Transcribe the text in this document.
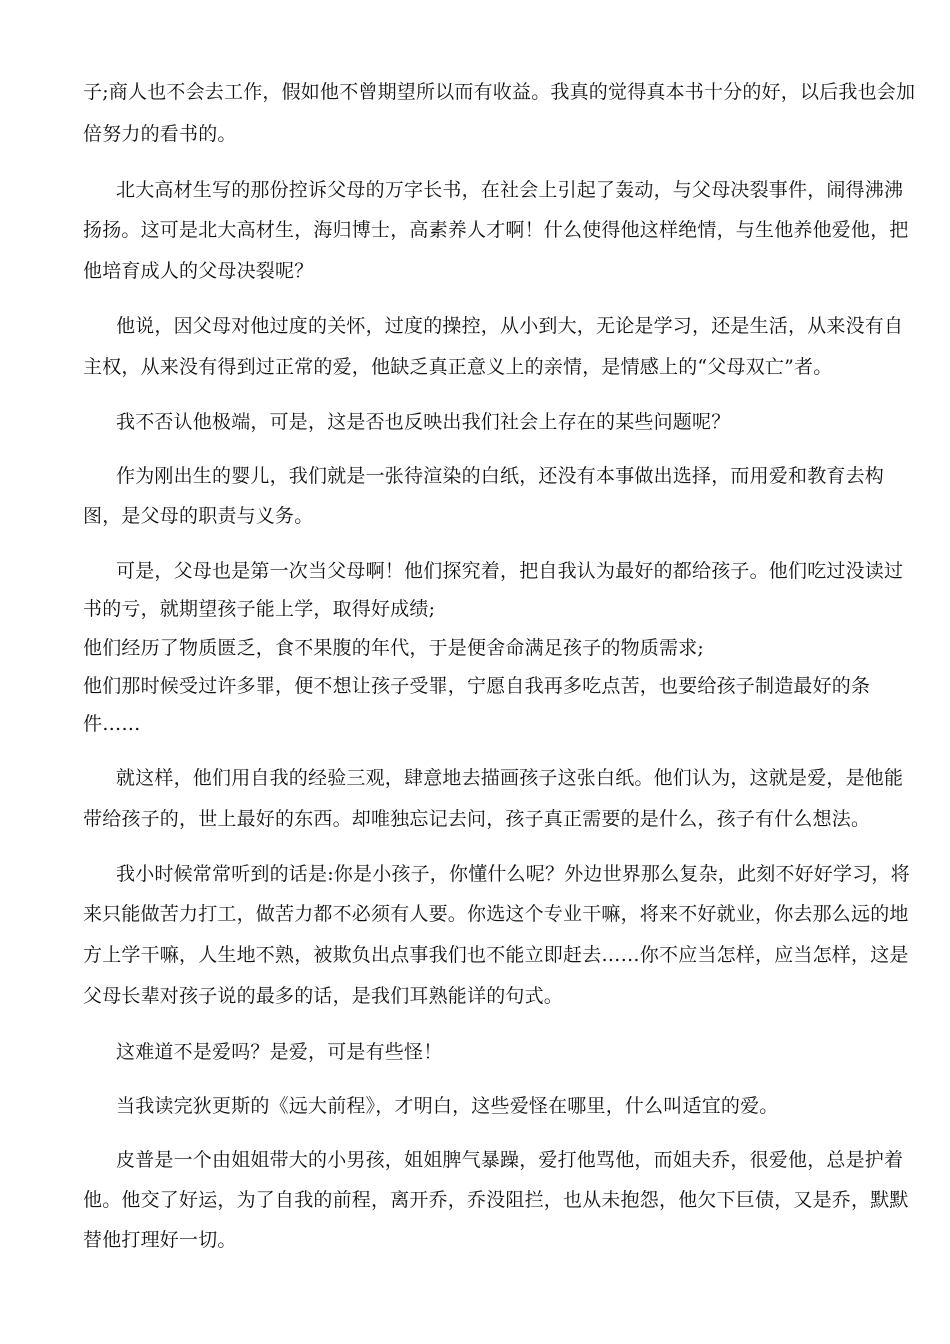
子;商人也不会去工作，假如他不曾期望所以而有收益。我真的觉得真本书十分的好，以后我也会加
倍努力的看书的。
北大高材生写的那份控诉父母的万字长书，在社会上引起了轰动，与父母决裂事件，闹得沸沸
扬扬。这可是北大高材生，海归博士，高素养人才啊！什么使得他这样绝情，与生他养他爱他，把
他培育成人的父母决裂呢？
他说，因父母对他过度的关怀，过度的操控，从小到大，无论是学习，还是生活，从来没有自
主权，从来没有得到过正常的爱，他缺乏真正意义上的亲情，是情感上的“父母双亡”者。
我不否认他极端，可是，这是否也反映出我们社会上存在的某些问题呢？
作为刚出生的婴儿，我们就是一张待渲染的白纸，还没有本事做出选择，而用爱和教育去构
图，是父母的职责与义务。
可是，父母也是第一次当父母啊！他们探究着，把自我认为最好的都给孩子。他们吃过没读过
书的亏，就期望孩子能上学，取得好成绩;
他们经历了物质匮乏，食不果腹的年代，于是便舍命满足孩子的物质需求;
他们那时候受过许多罪，便不想让孩子受罪，宁愿自我再多吃点苦，也要给孩子制造最好的条
件……
就这样，他们用自我的经验三观，肆意地去描画孩子这张白纸。他们认为，这就是爱，是他能
带给孩子的，世上最好的东西。却唯独忘记去问，孩子真正需要的是什么，孩子有什么想法。
我小时候常常听到的话是:你是小孩子，你懂什么呢？外边世界那么复杂，此刻不好好学习，将
来只能做苦力打工，做苦力都不必须有人要。你选这个专业干嘛，将来不好就业，你去那么远的地
方上学干嘛，人生地不熟，被欺负出点事我们也不能立即赶去……你不应当怎样，应当怎样，这是
父母长辈对孩子说的最多的话，是我们耳熟能详的句式。
这难道不是爱吗？是爱，可是有些怪！
当我读完狄更斯的《远大前程》，才明白，这些爱怪在哪里，什么叫适宜的爱。
皮普是一个由姐姐带大的小男孩，姐姐脾气暴躁，爱打他骂他，而姐夫乔，很爱他，总是护着
他。他交了好运，为了自我的前程，离开乔，乔没阻拦，也从未抱怨，他欠下巨债，又是乔，默默
替他打理好一切。
